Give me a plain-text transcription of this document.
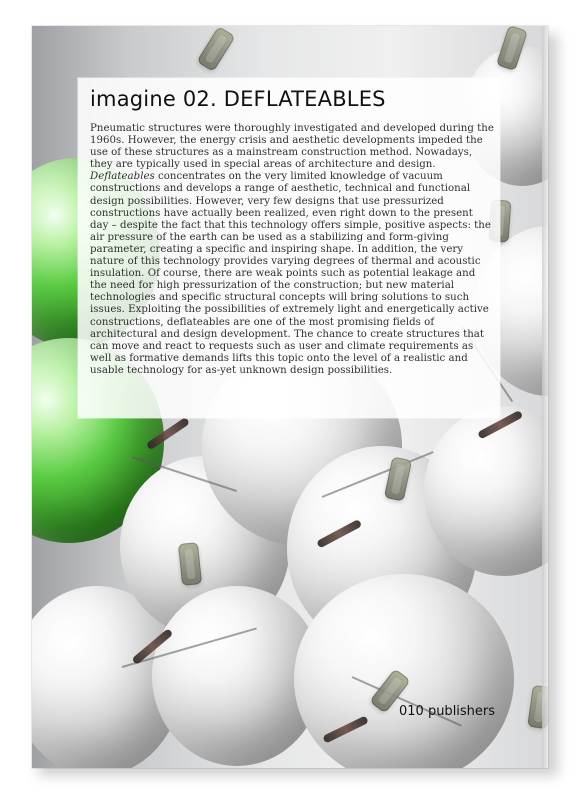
imagine 02. DEFLATEABLES

Pneumatic structures were thoroughly investigated and developed during the 1960s. However, the energy crisis and aesthetic developments impeded the use of these structures as a mainstream construction method. Nowadays, they are typically used in special areas of architecture and design. Deflateables concentrates on the very limited knowledge of vacuum constructions and develops a range of aesthetic, technical and functional design possibilities. However, very few designs that use pressurized constructions have actually been realized, even right down to the present day – despite the fact that this technology offers simple, positive aspects: the air pressure of the earth can be used as a stabilizing and form-giving parameter, creating a specific and inspiring shape. In addition, the very nature of this technology provides varying degrees of thermal and acoustic insulation. Of course, there are weak points such as potential leakage and the need for high pressurization of the construction; but new material technologies and specific structural concepts will bring solutions to such issues. Exploiting the possibilities of extremely light and energetically active constructions, deflateables are one of the most promising fields of architectural and design development. The chance to create structures that can move and react to requests such as user and climate requirements as well as formative demands lifts this topic onto the level of a realistic and usable technology for as-yet unknown design possibilities.

010 publishers
